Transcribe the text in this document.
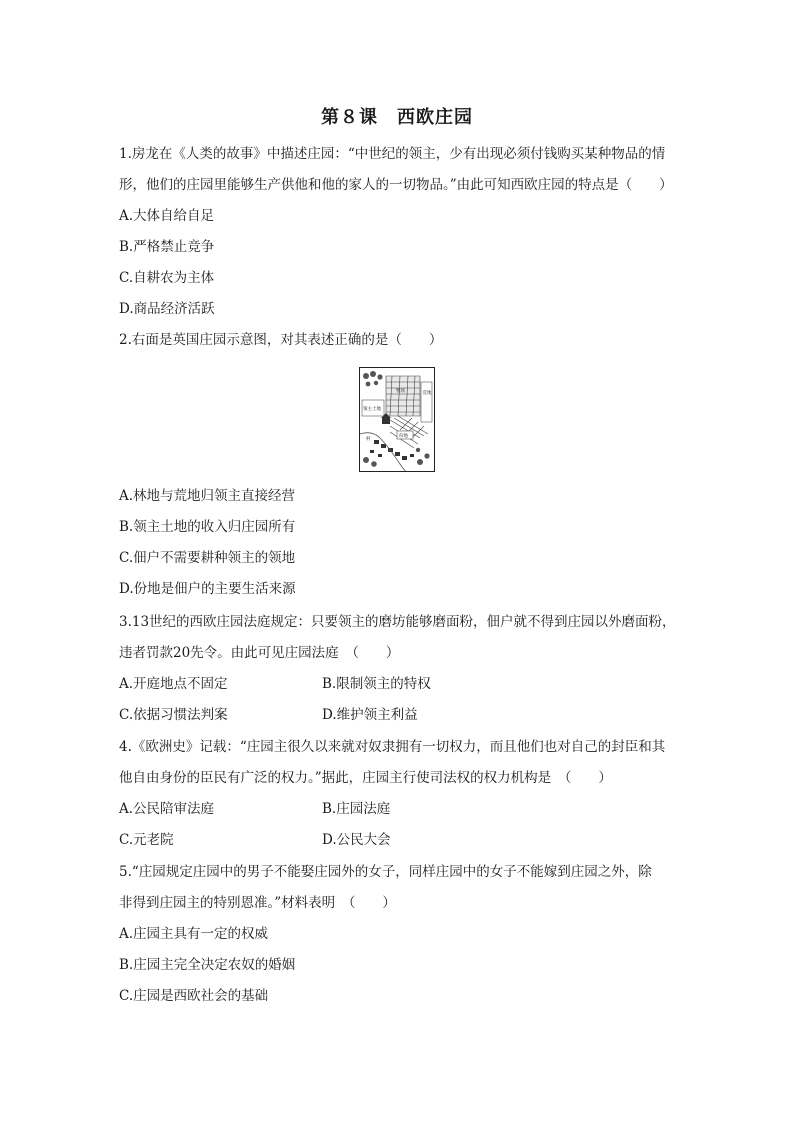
第８课　西欧庄园
1.房龙在《人类的故事》中描述庄园：“中世纪的领主，少有出现必须付钱购买某种物品的情
形，他们的庄园里能够生产供他和他的家人的一切物品。”由此可知西欧庄园的特点是（　　）
A.大体自给自足
B.严格禁止竞争
C.自耕农为主体
D.商品经济活跃
2.右面是英国庄园示意图，对其表述正确的是（　　）
荒地
牧场
领主土地
份地
村
A.林地与荒地归领主直接经营
B.领主土地的收入归庄园所有
C.佃户不需要耕种领主的领地
D.份地是佃户的主要生活来源
3.13世纪的西欧庄园法庭规定：只要领主的磨坊能够磨面粉，佃户就不得到庄园以外磨面粉，
违者罚款20先令。由此可见庄园法庭　（　　）
A.开庭地点不固定	B.限制领主的特权
C.依据习惯法判案	D.维护领主利益
4.《欧洲史》记载：“庄园主很久以来就对奴隶拥有一切权力，而且他们也对自己的封臣和其
他自由身份的臣民有广泛的权力。”据此，庄园主行使司法权的权力机构是　（　　）
A.公民陪审法庭	B.庄园法庭
C.元老院	D.公民大会
5.“庄园规定庄园中的男子不能娶庄园外的女子，同样庄园中的女子不能嫁到庄园之外，除
非得到庄园主的特别恩准。”材料表明　（　　）
A.庄园主具有一定的权威
B.庄园主完全决定农奴的婚姻
C.庄园是西欧社会的基础
